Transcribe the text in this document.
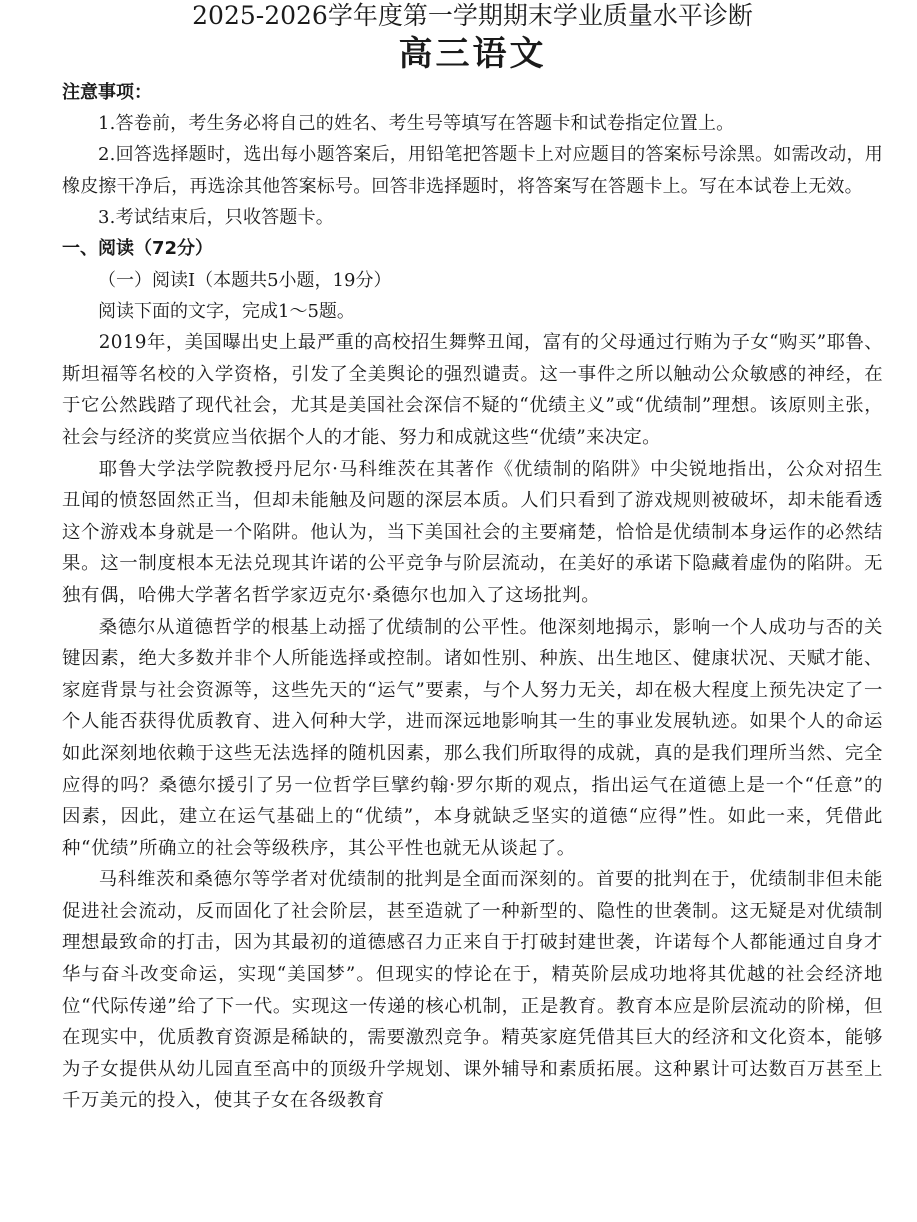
2025-2026学年度第一学期期末学业质量水平诊断
高三语文

注意事项：

1.答卷前，考生务必将自己的姓名、考生号等填写在答题卡和试卷指定位置上。

2.回答选择题时，选出每小题答案后，用铅笔把答题卡上对应题目的答案标号涂黑。如需改动，用橡皮擦干净后，再选涂其他答案标号。回答非选择题时，将答案写在答题卡上。写在本试卷上无效。

3.考试结束后，只收答题卡。

一、阅读（72分）

（一）阅读Ⅰ（本题共5小题，19分）

阅读下面的文字，完成1～5题。

2019年，美国曝出史上最严重的高校招生舞弊丑闻，富有的父母通过行贿为子女“购买”耶鲁、斯坦福等名校的入学资格，引发了全美舆论的强烈谴责。这一事件之所以触动公众敏感的神经，在于它公然践踏了现代社会，尤其是美国社会深信不疑的“优绩主义”或“优绩制”理想。该原则主张，社会与经济的奖赏应当依据个人的才能、努力和成就这些“优绩”来决定。

耶鲁大学法学院教授丹尼尔·马科维茨在其著作《优绩制的陷阱》中尖锐地指出，公众对招生丑闻的愤怒固然正当，但却未能触及问题的深层本质。人们只看到了游戏规则被破坏，却未能看透这个游戏本身就是一个陷阱。他认为，当下美国社会的主要痛楚，恰恰是优绩制本身运作的必然结果。这一制度根本无法兑现其许诺的公平竞争与阶层流动，在美好的承诺下隐藏着虚伪的陷阱。无独有偶，哈佛大学著名哲学家迈克尔·桑德尔也加入了这场批判。

桑德尔从道德哲学的根基上动摇了优绩制的公平性。他深刻地揭示，影响一个人成功与否的关键因素，绝大多数并非个人所能选择或控制。诸如性别、种族、出生地区、健康状况、天赋才能、家庭背景与社会资源等，这些先天的“运气”要素，与个人努力无关，却在极大程度上预先决定了一个人能否获得优质教育、进入何种大学，进而深远地影响其一生的事业发展轨迹。如果个人的命运如此深刻地依赖于这些无法选择的随机因素，那么我们所取得的成就，真的是我们理所当然、完全应得的吗？桑德尔援引了另一位哲学巨擘约翰·罗尔斯的观点，指出运气在道德上是一个“任意”的因素，因此，建立在运气基础上的“优绩”，本身就缺乏坚实的道德“应得”性。如此一来，凭借此种“优绩”所确立的社会等级秩序，其公平性也就无从谈起了。

马科维茨和桑德尔等学者对优绩制的批判是全面而深刻的。首要的批判在于，优绩制非但未能促进社会流动，反而固化了社会阶层，甚至造就了一种新型的、隐性的世袭制。这无疑是对优绩制理想最致命的打击，因为其最初的道德感召力正来自于打破封建世袭，许诺每个人都能通过自身才华与奋斗改变命运，实现“美国梦”。但现实的悖论在于，精英阶层成功地将其优越的社会经济地位“代际传递”给了下一代。实现这一传递的核心机制，正是教育。教育本应是阶层流动的阶梯，但在现实中，优质教育资源是稀缺的，需要激烈竞争。精英家庭凭借其巨大的经济和文化资本，能够为子女提供从幼儿园直至高中的顶级升学规划、课外辅导和素质拓展。这种累计可达数百万甚至上千万美元的投入，使其子女在各级教育
